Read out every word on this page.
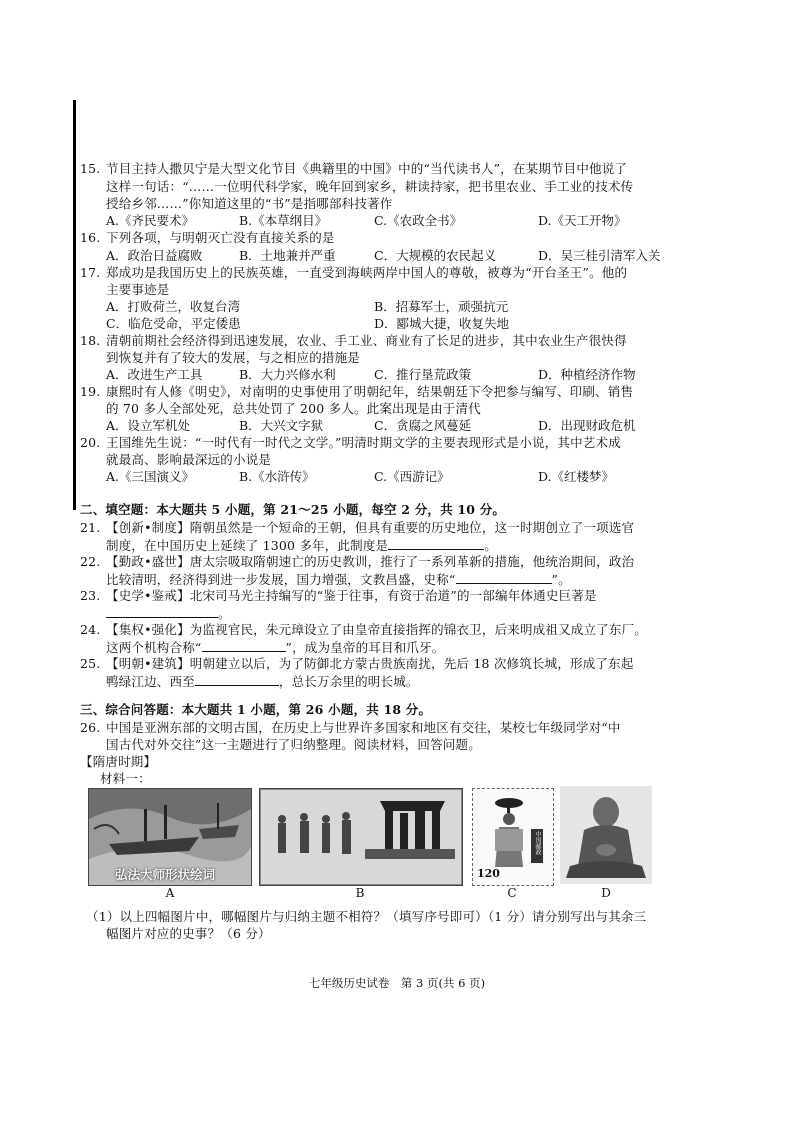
15. 节目主持人撒贝宁是大型文化节目《典籍里的中国》中的“当代读书人”，在某期节目中他说了
这样一句话：“……一位明代科学家，晚年回到家乡，耕读持家，把书里农业、手工业的技术传
授给乡邻……”你知道这里的“书”是指哪部科技著作
A.《齐民要术》	B.《本草纲目》	C.《农政全书》	D.《天工开物》
16. 下列各项，与明朝灭亡没有直接关系的是
A．政治日益腐败	B．土地兼并严重	C．大规模的农民起义	D．吴三桂引清军入关
17. 郑成功是我国历史上的民族英雄，一直受到海峡两岸中国人的尊敬，被尊为“开台圣王”。他的
主要事迹是
A．打败荷兰，收复台湾	B．招募军士，顽强抗元
C．临危受命，平定倭患	D．郾城大捷，收复失地
18. 清朝前期社会经济得到迅速发展，农业、手工业、商业有了长足的进步，其中农业生产很快得
到恢复并有了较大的发展，与之相应的措施是
A．改进生产工具	B．大力兴修水利	C．推行垦荒政策	D．种植经济作物
19. 康熙时有人修《明史》，对南明的史事使用了明朝纪年，结果朝廷下令把参与编写、印刷、销售
的 70 多人全部处死，总共处罚了 200 多人。此案出现是由于清代
A．设立军机处	B．大兴文字狱	C．贪腐之风蔓延	D．出现财政危机
20. 王国维先生说：“一时代有一时代之文学。”明清时期文学的主要表现形式是小说，其中艺术成
就最高、影响最深远的小说是
A.《三国演义》	B.《水浒传》	C.《西游记》	D.《红楼梦》
二、填空题：本大题共 5 小题，第 21～25 小题，每空 2 分，共 10 分。
21. 【创新•制度】隋朝虽然是一个短命的王朝，但具有重要的历史地位，这一时期创立了一项选官
制度，在中国历史上延续了 1300 多年，此制度是	。
22. 【勤政•盛世】唐太宗吸取隋朝速亡的历史教训，推行了一系列革新的措施，他统治期间，政治
比较清明，经济得到进一步发展，国力增强，文教昌盛，史称“	”。
23. 【史学•鉴戒】北宋司马光主持编写的“鉴于往事，有资于治道”的一部编年体通史巨著是
。
24. 【集权•强化】为监视官民，朱元璋设立了由皇帝直接指挥的锦衣卫，后来明成祖又成立了东厂。
这两个机构合称“	”，成为皇帝的耳目和爪牙。
25. 【明朝•建筑】明朝建立以后，为了防御北方蒙古贵族南扰，先后 18 次修筑长城，形成了东起
鸭绿江边、西至	，总长万余里的明长城。
三、综合问答题：本大题共 1 小题，第 26 小题，共 18 分。
26. 中国是亚洲东部的文明古国，在历史上与世界许多国家和地区有交往，某校七年级同学对“中
国古代对外交往”这一主题进行了归纳整理。阅读材料，回答问题。
【隋唐时期】
材料一：
弘法大师形状绘词
A	B
120
中国邮政
C	D
（1）以上四幅图片中，哪幅图片与归纳主题不相符？（填写序号即可）（1 分）请分别写出与其余三
幅图片对应的史事？（6 分）
七年级历史试卷　第 3 页(共 6 页)
